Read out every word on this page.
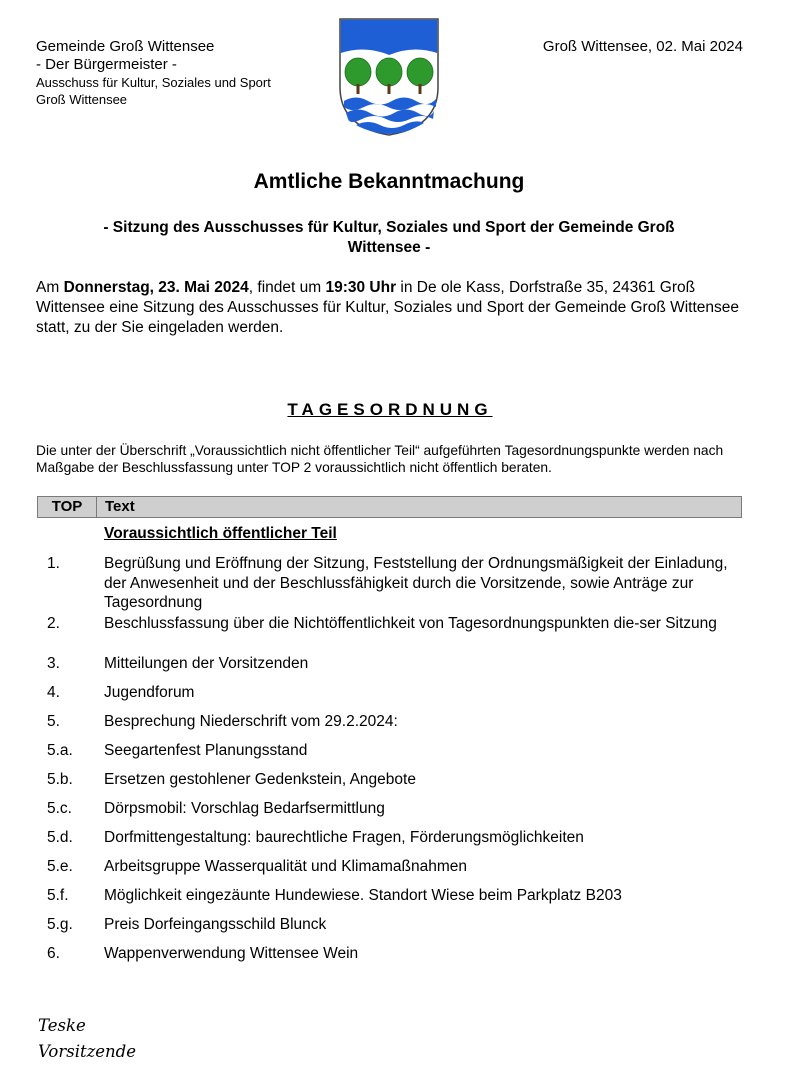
Gemeinde Groß Wittensee
- Der Bürgermeister -
Ausschuss für Kultur, Soziales und Sport
Groß Wittensee
Groß Wittensee, 02. Mai 2024
Amtliche Bekanntmachung
- Sitzung des Ausschusses für Kultur, Soziales und Sport der Gemeinde Groß
Wittensee -
Am Donnerstag, 23. Mai 2024, findet um 19:30 Uhr in De ole Kass, Dorfstraße 35, 24361 Groß Wittensee eine Sitzung des Ausschusses für Kultur, Soziales und Sport der Gemeinde Groß Wittensee statt, zu der Sie eingeladen werden.
TAGESORDNUNG
Die unter der Überschrift „Voraussichtlich nicht öffentlicher Teil“ aufgeführten Tagesordnungspunkte werden nach Maßgabe der Beschlussfassung unter TOP 2 voraussichtlich nicht öffentlich beraten.
TOP	Text
Voraussichtlich öffentlicher Teil
1.	Begrüßung und Eröffnung der Sitzung, Feststellung der Ordnungsmäßigkeit der Einladung, der Anwesenheit und der Beschlussfähigkeit durch die Vorsitzende, sowie Anträge zur Tagesordnung
2.	Beschlussfassung über die Nichtöffentlichkeit von Tagesordnungspunkten die-ser Sitzung
3.	Mitteilungen der Vorsitzenden
4.	Jugendforum
5.	Besprechung Niederschrift vom 29.2.2024:
5.a. Seegartenfest Planungsstand
5.b. Ersetzen gestohlener Gedenkstein, Angebote
5.c. Dörpsmobil: Vorschlag Bedarfsermittlung
5.d. Dorfmittengestaltung: baurechtliche Fragen, Förderungsmöglichkeiten
5.e. Arbeitsgruppe Wasserqualität und Klimamaßnahmen
5.f. Möglichkeit eingezäunte Hundewiese. Standort Wiese beim Parkplatz B203
5.g. Preis Dorfeingangsschild Blunck
6.	Wappenverwendung Wittensee Wein
Teske
Vorsitzende
